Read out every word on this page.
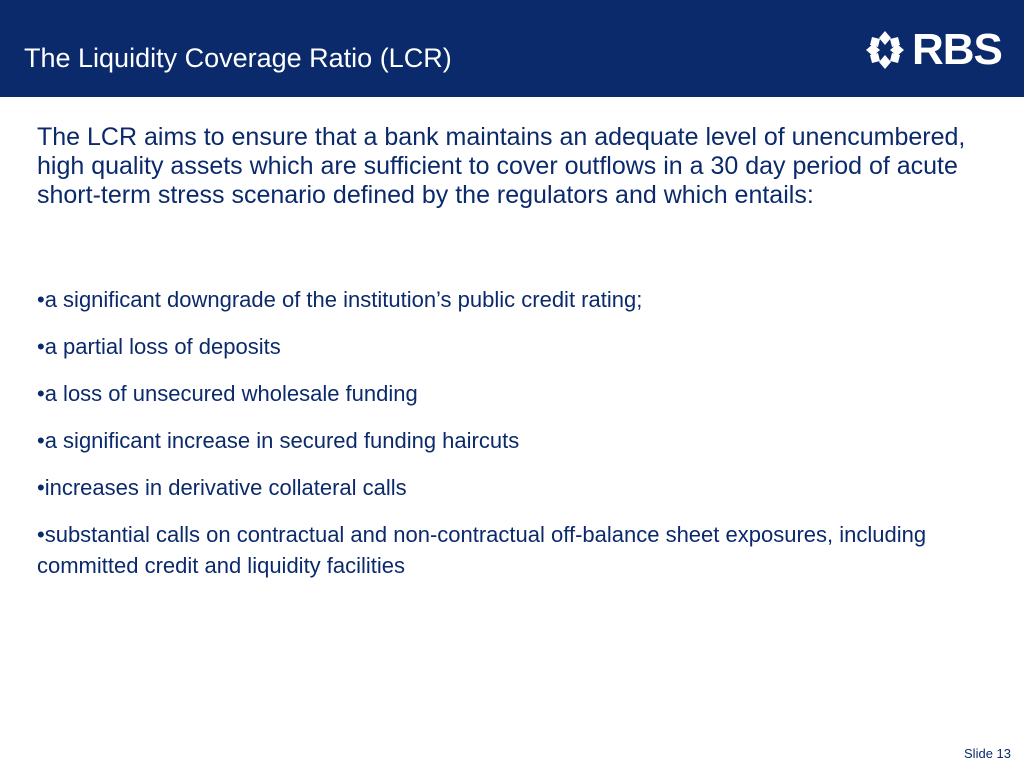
The Liquidity Coverage Ratio (LCR)	RBS

The LCR aims to ensure that a bank maintains an adequate level of unencumbered, high quality assets which are sufficient to cover outflows in a 30 day period of acute short-term stress scenario defined by the regulators and which entails:

•a significant downgrade of the institution’s public credit rating;
•a partial loss of deposits
•a loss of unsecured wholesale funding
•a significant increase in secured funding haircuts
•increases in derivative collateral calls
•substantial calls on contractual and non-contractual off-balance sheet exposures, including committed credit and liquidity facilities
Slide 13
